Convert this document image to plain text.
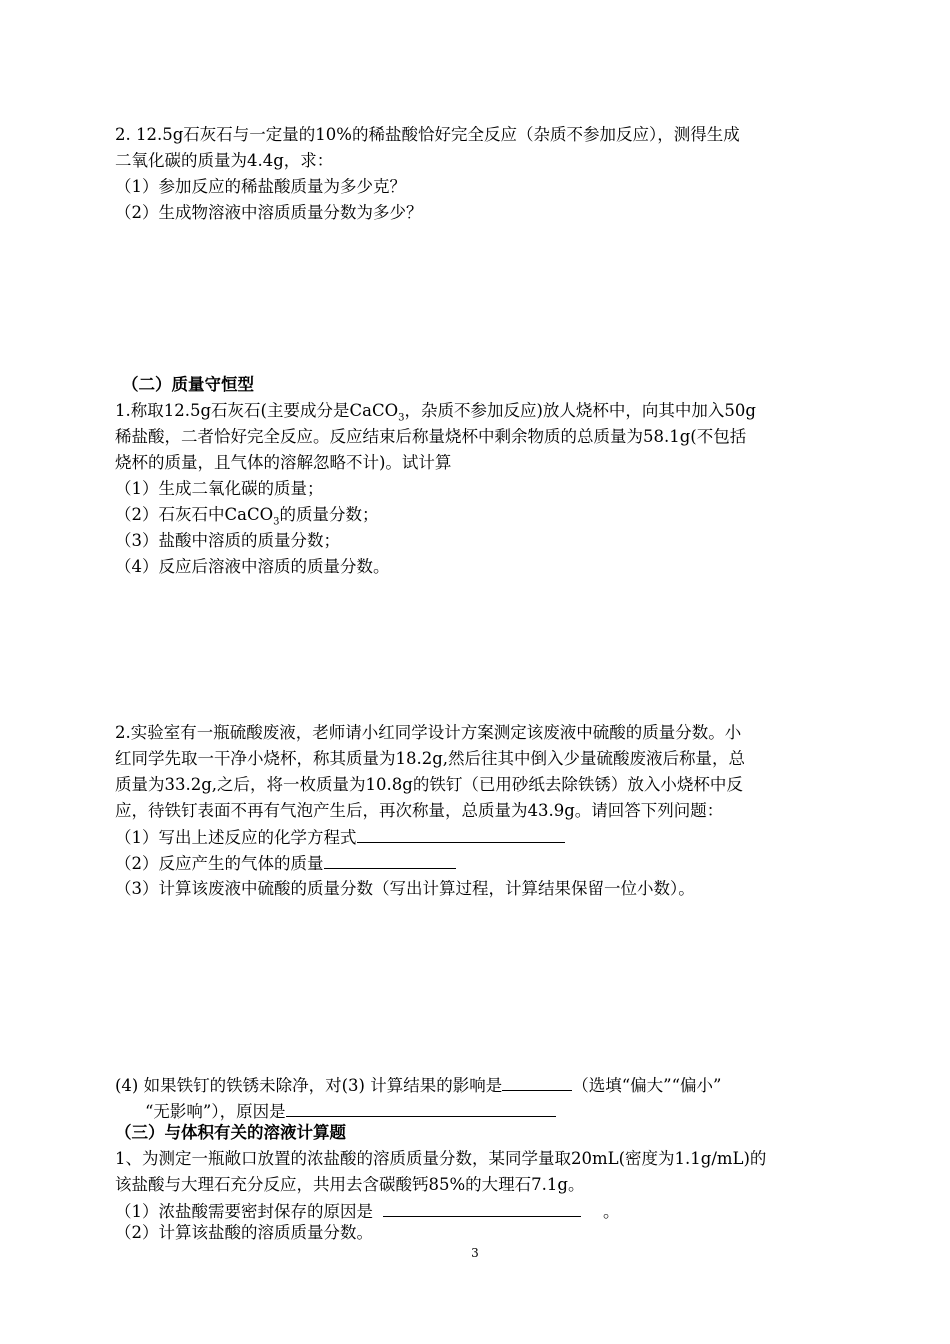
2. 12.5g石灰石与一定量的10%的稀盐酸恰好完全反应（杂质不参加反应），测得生成
二氧化碳的质量为4.4g，求：
（1）参加反应的稀盐酸质量为多少克？
（2）生成物溶液中溶质质量分数为多少？
（二）质量守恒型
1.称取12.5g石灰石(主要成分是CaCO$_3$，杂质不参加反应)放人烧杯中，向其中加入50g
稀盐酸，二者恰好完全反应。反应结束后称量烧杯中剩余物质的总质量为58.1g(不包括
烧杯的质量，且气体的溶解忽略不计)。试计算
（1）生成二氧化碳的质量；
（2）石灰石中CaCO$_3$的质量分数；
（3）盐酸中溶质的质量分数；
（4）反应后溶液中溶质的质量分数。
2.实验室有一瓶硫酸废液，老师请小红同学设计方案测定该废液中硫酸的质量分数。小
红同学先取一干净小烧杯，称其质量为18.2g,然后往其中倒入少量硫酸废液后称量，总
质量为33.2g,之后，将一枚质量为10.8g的铁钉（已用砂纸去除铁锈）放入小烧杯中反
应，待铁钉表面不再有气泡产生后，再次称量，总质量为43.9g。请回答下列问题：
（1）写出上述反应的化学方程式
（2）反应产生的气体的质量
（3）计算该废液中硫酸的质量分数（写出计算过程，计算结果保留一位小数）。
(4) 如果铁钉的铁锈未除净，对(3) 计算结果的影响是	（选填“偏大”“偏小”
“无影响”），原因是
（三）与体积有关的溶液计算题
1、为测定一瓶敞口放置的浓盐酸的溶质质量分数，某同学量取20mL(密度为1.1g/mL)的
该盐酸与大理石充分反应，共用去含碳酸钙85%的大理石7.1g。
（1）浓盐酸需要密封保存的原因是	。
（2）计算该盐酸的溶质质量分数。
3
